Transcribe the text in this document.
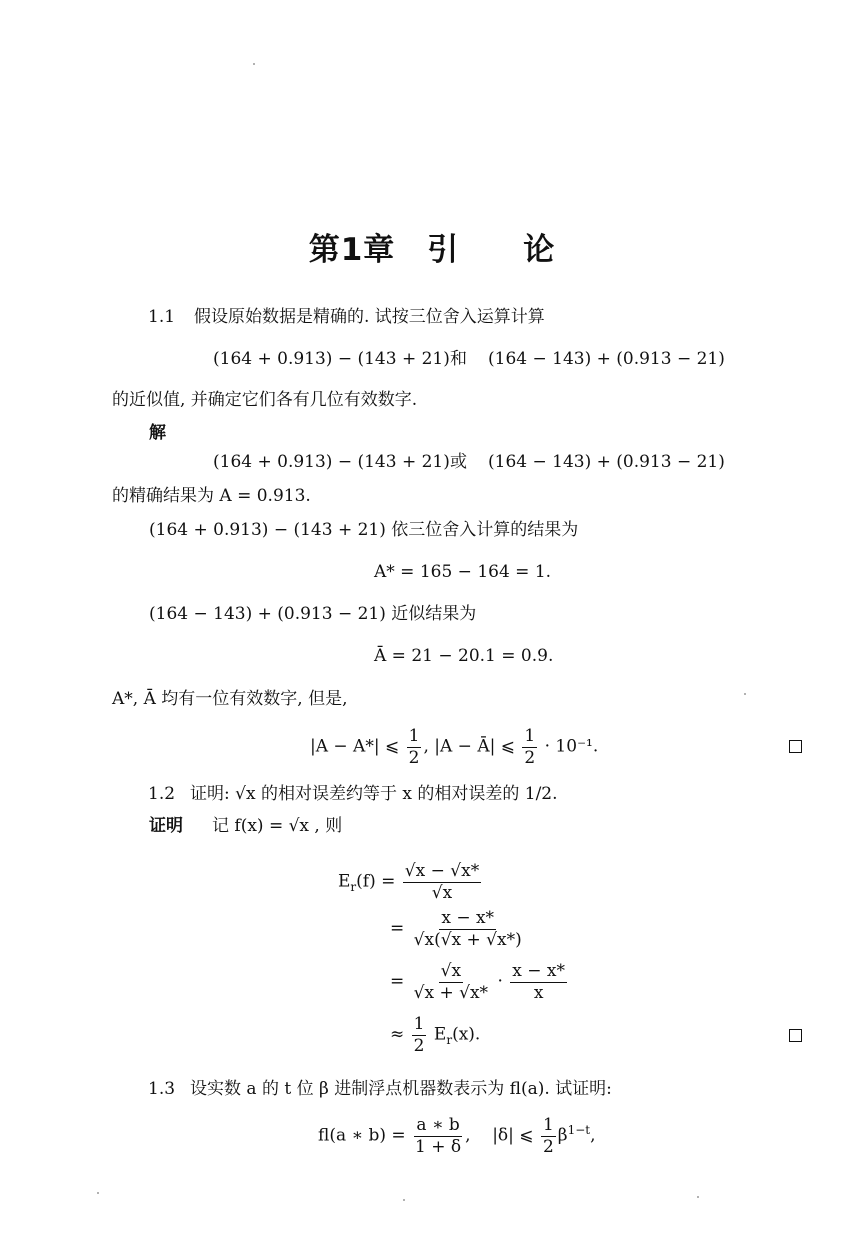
第1章　引　　论
1.1 假设原始数据是精确的. 试按三位舍入运算计算
(164 + 0.913) − (143 + 21) 和 (164 − 143) + (0.913 − 21)
的近似值, 并确定它们各有几位有效数字.
解
(164 + 0.913) − (143 + 21) 或 (164 − 143) + (0.913 − 21)
的精确结果为 A = 0.913.
(164 + 0.913) − (143 + 21) 依三位舍入计算的结果为
A* = 165 − 164 = 1.
(164 − 143) + (0.913 − 21) 近似结果为
Ā = 21 − 20.1 = 0.9.
A*, Ā 均有一位有效数字, 但是,
|A − A*| ⩽ $\frac{1}{2}$ , |A − Ā| ⩽ $\frac{1}{2} \cdot 10^{-1}$.
1.2 证明: √x 的相对误差约等于 x 的相对误差的 1/2.
证明 记 f(x) = √x , 则
$E_r(f) = \frac{√x - √x*}{√x}$
= $\frac{x - x*}{√x(√x + √x*)}$
= $\frac{√x}{√x + √x*} \cdot \frac{x - x*}{x}$
≈ $\frac{1}{2} E_r(x)$.
1.3 设实数 a 的 t 位 β 进制浮点机器数表示为 fl(a). 试证明:
fl(a ∗ $b) = \frac{a ∗ b}{1 + \delta}$ , |δ| ⩽ $\frac{1}{2} \beta^{1-t}$,
